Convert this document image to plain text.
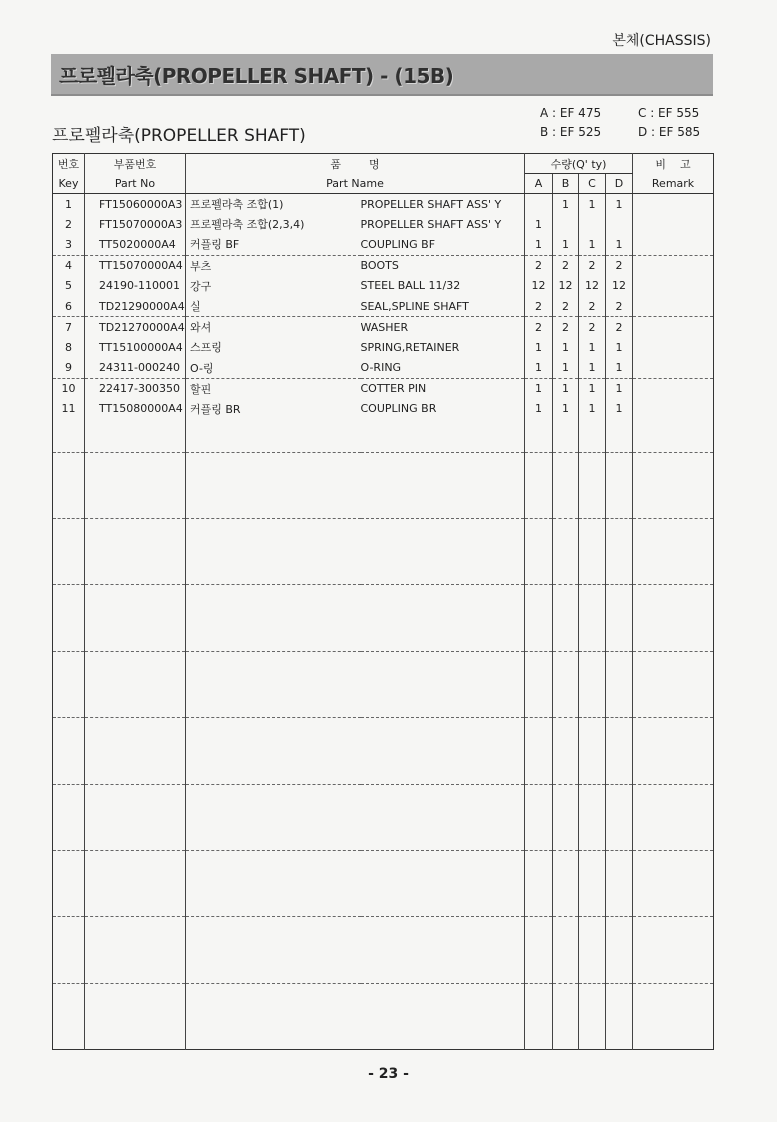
본체(CHASSIS)
프로펠라축(PROPELLER SHAFT) - (15B)
프로펠라축(PROPELLER SHAFT)
A : EF 475
B : EF 525
C : EF 555
D : EF 585
번호	부품번호	품        명		수량(Q' ty)				비    고
Key	Part No	Part Name		A	B	C	D	Remark
1	FT15060000A3	프로펠라축 조합(1)	PROPELLER SHAFT ASS' Y		1	1	1	
2	FT15070000A3	프로펠라축 조합(2,3,4)	PROPELLER SHAFT ASS' Y	1				
3	TT5020000A4	커플링 BF	COUPLING BF	1	1	1	1	
4	TT15070000A4	부츠	BOOTS	2	2	2	2	
5	24190-110001	강구	STEEL BALL 11/32	12	12	12	12	
6	TD21290000A4	실	SEAL,SPLINE SHAFT	2	2	2	2	
7	TD21270000A4	와셔	WASHER	2	2	2	2	
8	TT15100000A4	스프링	SPRING,RETAINER	1	1	1	1	
9	24311-000240	O-링	O-RING	1	1	1	1	
10	22417-300350	할핀	COTTER PIN	1	1	1	1	
11	TT15080000A4	커플링 BR	COUPLING BR	1	1	1	1	

- 23 -
